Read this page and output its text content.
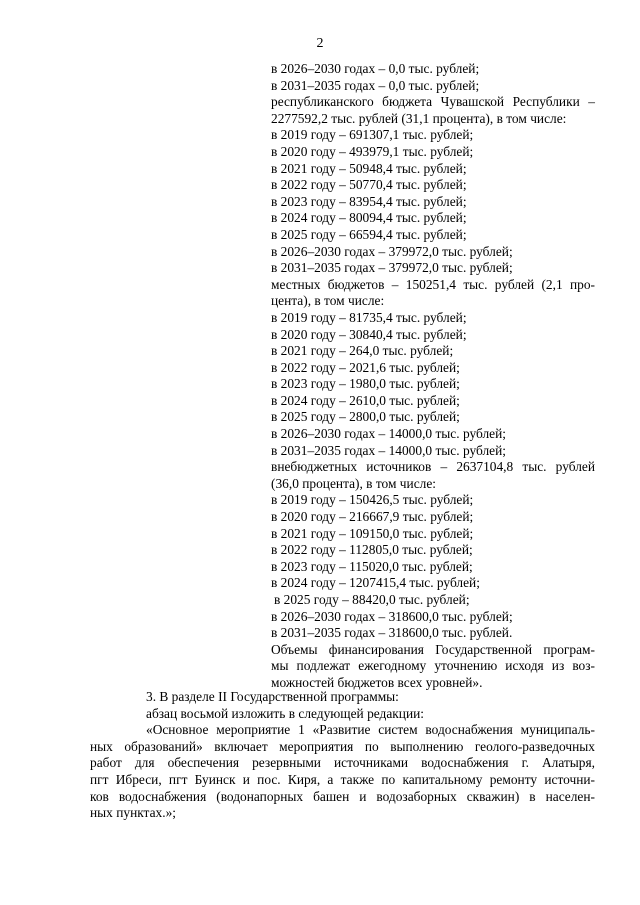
2
в 2026–2030 годах – 0,0 тыс. рублей;
в 2031–2035 годах – 0,0 тыс. рублей;
республиканского бюджета Чувашской Республики –
2277592,2 тыс. рублей (31,1 процента), в том числе:
в 2019 году – 691307,1 тыс. рублей;
в 2020 году – 493979,1 тыс. рублей;
в 2021 году – 50948,4 тыс. рублей;
в 2022 году – 50770,4 тыс. рублей;
в 2023 году – 83954,4 тыс. рублей;
в 2024 году – 80094,4 тыс. рублей;
в 2025 году – 66594,4 тыс. рублей;
в 2026–2030 годах – 379972,0 тыс. рублей;
в 2031–2035 годах – 379972,0 тыс. рублей;
местных бюджетов – 150251,4 тыс. рублей (2,1 про-
цента), в том числе:
в 2019 году – 81735,4 тыс. рублей;
в 2020 году – 30840,4 тыс. рублей;
в 2021 году – 264,0 тыс. рублей;
в 2022 году – 2021,6 тыс. рублей;
в 2023 году – 1980,0 тыс. рублей;
в 2024 году – 2610,0 тыс. рублей;
в 2025 году – 2800,0 тыс. рублей;
в 2026–2030 годах – 14000,0 тыс. рублей;
в 2031–2035 годах – 14000,0 тыс. рублей;
внебюджетных источников – 2637104,8 тыс. рублей
(36,0 процента), в том числе:
в 2019 году – 150426,5 тыс. рублей;
в 2020 году – 216667,9 тыс. рублей;
в 2021 году – 109150,0 тыс. рублей;
в 2022 году – 112805,0 тыс. рублей;
в 2023 году – 115020,0 тыс. рублей;
в 2024 году – 1207415,4 тыс. рублей;
в 2025 году – 88420,0 тыс. рублей;
в 2026–2030 годах – 318600,0 тыс. рублей;
в 2031–2035 годах – 318600,0 тыс. рублей.
Объемы финансирования Государственной програм-
мы подлежат ежегодному уточнению исходя из воз-
можностей бюджетов всех уровней».
3. В разделе II Государственной программы:
абзац восьмой изложить в следующей редакции:
«Основное мероприятие 1 «Развитие систем водоснабжения муниципаль-
ных образований» включает мероприятия по выполнению геолого-разведочных
работ для обеспечения резервными источниками водоснабжения г. Алатыря,
пгт Ибреси, пгт Буинск и пос. Киря, а также по капитальному ремонту источни-
ков водоснабжения (водонапорных башен и водозаборных скважин) в населен-
ных пунктах.»;
